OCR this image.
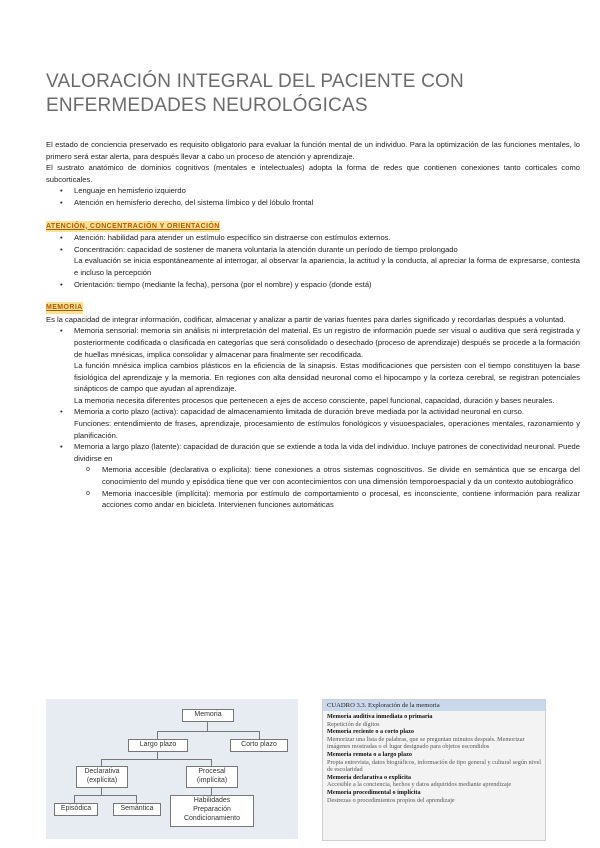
VALORACIÓN INTEGRAL DEL PACIENTE CON ENFERMEDADES NEUROLÓGICAS

El estado de conciencia preservado es requisito obligatorio para evaluar la función mental de un individuo. Para la optimización de las funciones mentales, lo primero será estar alerta, para después llevar a cabo un proceso de atención y aprendizaje.

El sustrato anatómico de dominios cognitivos (mentales e intelectuales) adopta la forma de redes que contienen conexiones tanto corticales como subcorticales.

• Lenguaje en hemisferio izquierdo
• Atención en hemisferio derecho, del sistema límbico y del lóbulo frontal

ATENCIÓN, CONCENTRACIÓN Y ORIENTACIÓN

• Atención: habilidad para atender un estímulo específico sin distraerse con estímulos externos.
• Concentración: capacidad de sostener de manera voluntaria la atención durante un período de tiempo prolongado
La evaluación se inicia espontáneamente al interrogar, al observar la apariencia, la actitud y la conducta, al apreciar la forma de expresarse, contesta e incluso la percepción
• Orientación: tiempo (mediante la fecha), persona (por el nombre) y espacio (donde está)

MEMORIA

Es la capacidad de integrar información, codificar, almacenar y analizar a partir de varias fuentes para darles significado y recordarlas después a voluntad.

• Memoria sensorial: memoria sin análisis ni interpretación del material. Es un registro de información puede ser visual o auditiva que será registrada y posteriormente codificada o clasificada en categorías que será consolidado o desechado (proceso de aprendizaje) después se procede a la formación de huellas mnésicas, implica consolidar y almacenar para finalmente ser recodificada.
La función mnésica implica cambios plásticos en la eficiencia de la sinapsis. Estas modificaciones que persisten con el tiempo constituyen la base fisiológica del aprendizaje y la memoria. En regiones con alta densidad neuronal como el hipocampo y la corteza cerebral, se registran potenciales sinápticos de campo que ayudan al aprendizaje.
La memoria necesita diferentes procesos que pertenecen a ejes de acceso consciente, papel funcional, capacidad, duración y bases neurales.
• Memoria a corto plazo (activa): capacidad de almacenamiento limitada de duración breve mediada por la actividad neuronal en curso.
Funciones: entendimiento de frases, aprendizaje, procesamiento de estímulos fonológicos y visuoespaciales, operaciones mentales, razonamiento y planificación.
• Memoria a largo plazo (latente): capacidad de duración que se extiende a toda la vida del individuo. Incluye patrones de conectividad neuronal. Puede dividirse en
o Memoria accesible (declarativa o explícita): tiene conexiones a otros sistemas cognoscitivos. Se divide en semántica que se encarga del conocimiento del mundo y episódica tiene que ver con acontecimientos con una dimensión temporoespacial y da un contexto autobiográfico
o Memoria inaccesible (implícita): memoria por estímulo de comportamiento o procesal, es inconsciente, contiene información para realizar acciones como andar en bicicleta. Intervienen funciones automáticas
Memoria
Largo plazo	Corto plazo
Declarativa
(explícita)
Procesal
(implícita)
Episódica	Semántica
Habilidades
Preparación
Condicionamiento
CUADRO 3.3. Exploración de la memoria
Memoria auditiva inmediata o primaria
Repetición de dígitos
Memoria reciente o a corto plazo
Memorizar una lista de palabras, que se preguntan minutos después. Memorizar imágenes mostradas o el lugar designado para objetos escondidos
Memoria remota o a largo plazo
Propia entrevista, datos biográficos, información de tipo general y cultural según nivel de escolaridad
Memoria declarativa o explícita
Accesible a la conciencia, hechos y datos adquiridos mediante aprendizaje
Memoria procedimental o implícita
Destrezas o procedimientos propios del aprendizaje
